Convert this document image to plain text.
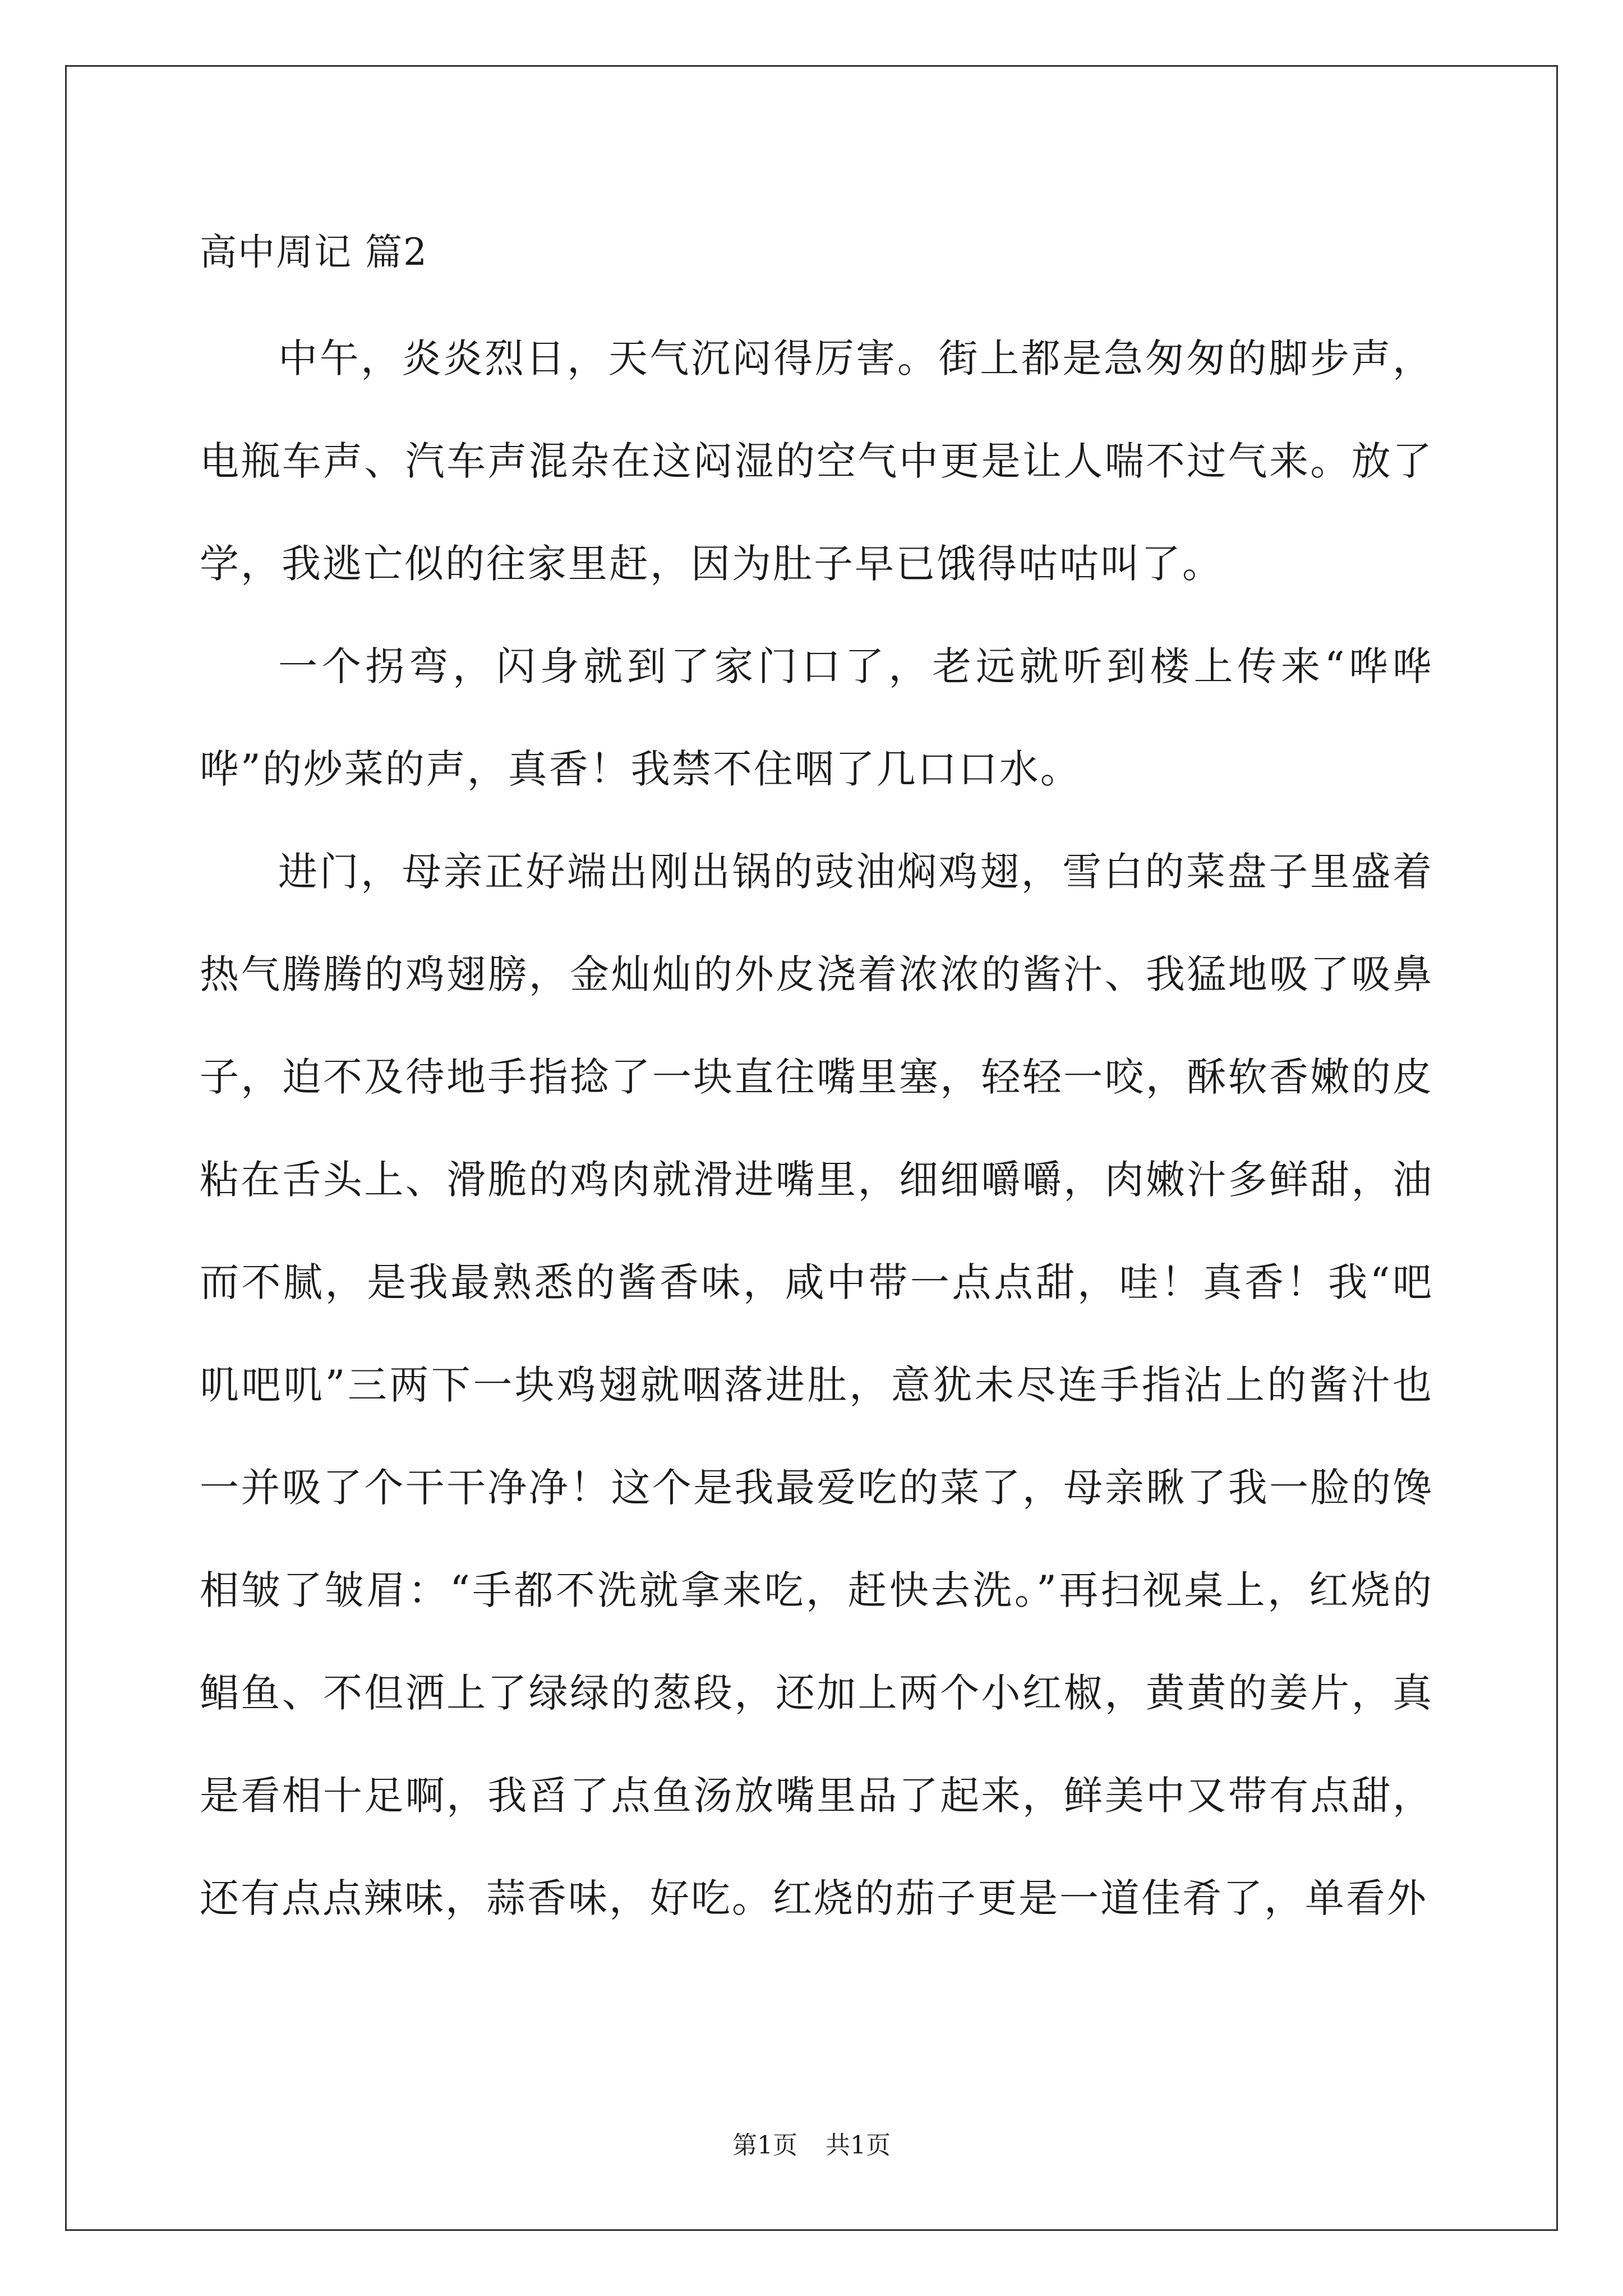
高中周记 篇2

中午，炎炎烈日，天气沉闷得厉害。街上都是急匆匆的脚步声，电瓶车声、汽车声混杂在这闷湿的空气中更是让人喘不过气来。放了学，我逃亡似的往家里赶，因为肚子早已饿得咕咕叫了。

一个拐弯，闪身就到了家门口了，老远就听到楼上传来“哗哗哗”的炒菜的声，真香！我禁不住咽了几口口水。

进门，母亲正好端出刚出锅的豉油焖鸡翅，雪白的菜盘子里盛着热气腾腾的鸡翅膀，金灿灿的外皮浇着浓浓的酱汁、我猛地吸了吸鼻子，迫不及待地手指捻了一块直往嘴里塞，轻轻一咬，酥软香嫩的皮粘在舌头上、滑脆的鸡肉就滑进嘴里，细细嚼嚼，肉嫩汁多鲜甜，油而不腻，是我最熟悉的酱香味，咸中带一点点甜，哇！真香！我“吧叽吧叽”三两下一块鸡翅就咽落进肚，意犹未尽连手指沾上的酱汁也一并吸了个干干净净！这个是我最爱吃的菜了，母亲瞅了我一脸的馋相皱了皱眉：“手都不洗就拿来吃，赶快去洗。”再扫视桌上，红烧的鲳鱼、不但洒上了绿绿的葱段，还加上两个小红椒，黄黄的姜片，真是看相十足啊，我舀了点鱼汤放嘴里品了起来，鲜美中又带有点甜，还有点点辣味，蒜香味，好吃。红烧的茄子更是一道佳肴了，单看外

第1页 共1页
